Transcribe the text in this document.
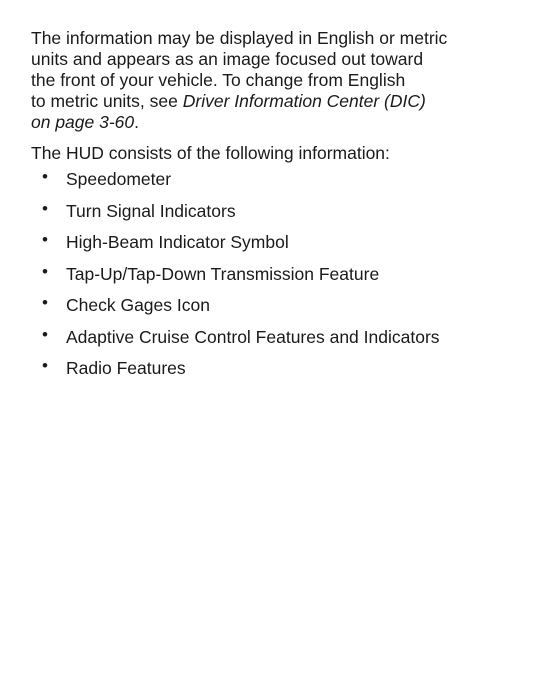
The information may be displayed in English or metric
units and appears as an image focused out toward
the front of your vehicle. To change from English
to metric units, see Driver Information Center (DIC)
on page 3-60.

The HUD consists of the following information:

• Speedometer
• Turn Signal Indicators
• High-Beam Indicator Symbol
• Tap-Up/Tap-Down Transmission Feature
• Check Gages Icon
• Adaptive Cruise Control Features and Indicators
• Radio Features
